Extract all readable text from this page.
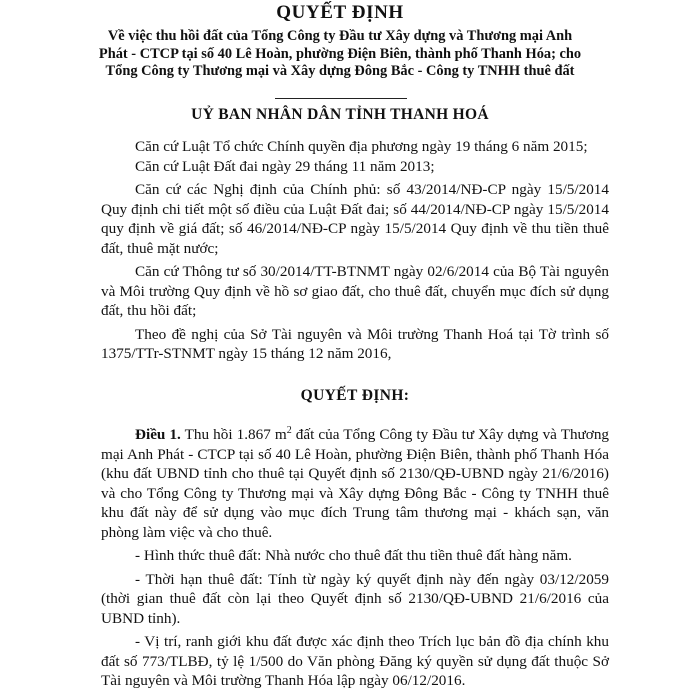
QUYẾT ĐỊNH
Về việc thu hồi đất của Tổng Công ty Đầu tư Xây dựng và Thương mại Anh Phát - CTCP tại số 40 Lê Hoàn, phường Điện Biên, thành phố Thanh Hóa; cho Tổng Công ty Thương mại và Xây dựng Đông Bắc - Công ty TNHH thuê đất
UỶ BAN NHÂN DÂN TỈNH THANH HOÁ

Căn cứ Luật Tổ chức Chính quyền địa phương ngày 19 tháng 6 năm 2015;

Căn cứ Luật Đất đai ngày 29 tháng 11 năm 2013;

Căn cứ các Nghị định của Chính phủ: số 43/2014/NĐ-CP ngày 15/5/2014 Quy định chi tiết một số điều của Luật Đất đai; số 44/2014/NĐ-CP ngày 15/5/2014 quy định về giá đất; số 46/2014/NĐ-CP ngày 15/5/2014 Quy định về thu tiền thuê đất, thuê mặt nước;

Căn cứ Thông tư số 30/2014/TT-BTNMT ngày 02/6/2014 của Bộ Tài nguyên và Môi trường Quy định về hồ sơ giao đất, cho thuê đất, chuyển mục đích sử dụng đất, thu hồi đất;

Theo đề nghị của Sở Tài nguyên và Môi trường Thanh Hoá tại Tờ trình số 1375/TTr-STNMT ngày 15 tháng 12 năm 2016,

QUYẾT ĐỊNH:

Điều 1. Thu hồi 1.867 $m^2$ đất của Tổng Công ty Đầu tư Xây dựng và Thương mại Anh Phát - CTCP tại số 40 Lê Hoàn, phường Điện Biên, thành phố Thanh Hóa (khu đất UBND tỉnh cho thuê tại Quyết định số 2130/QĐ-UBND ngày 21/6/2016) và cho Tổng Công ty Thương mại và Xây dựng Đông Bắc - Công ty TNHH thuê khu đất này để sử dụng vào mục đích Trung tâm thương mại - khách sạn, văn phòng làm việc và cho thuê.

- Hình thức thuê đất: Nhà nước cho thuê đất thu tiền thuê đất hàng năm.

- Thời hạn thuê đất: Tính từ ngày ký quyết định này đến ngày 03/12/2059 (thời gian thuê đất còn lại theo Quyết định số 2130/QĐ-UBND 21/6/2016 của UBND tỉnh).

- Vị trí, ranh giới khu đất được xác định theo Trích lục bản đồ địa chính khu đất số 773/TLBĐ, tỷ lệ 1/500 do Văn phòng Đăng ký quyền sử dụng đất thuộc Sở Tài nguyên và Môi trường Thanh Hóa lập ngày 06/12/2016.
